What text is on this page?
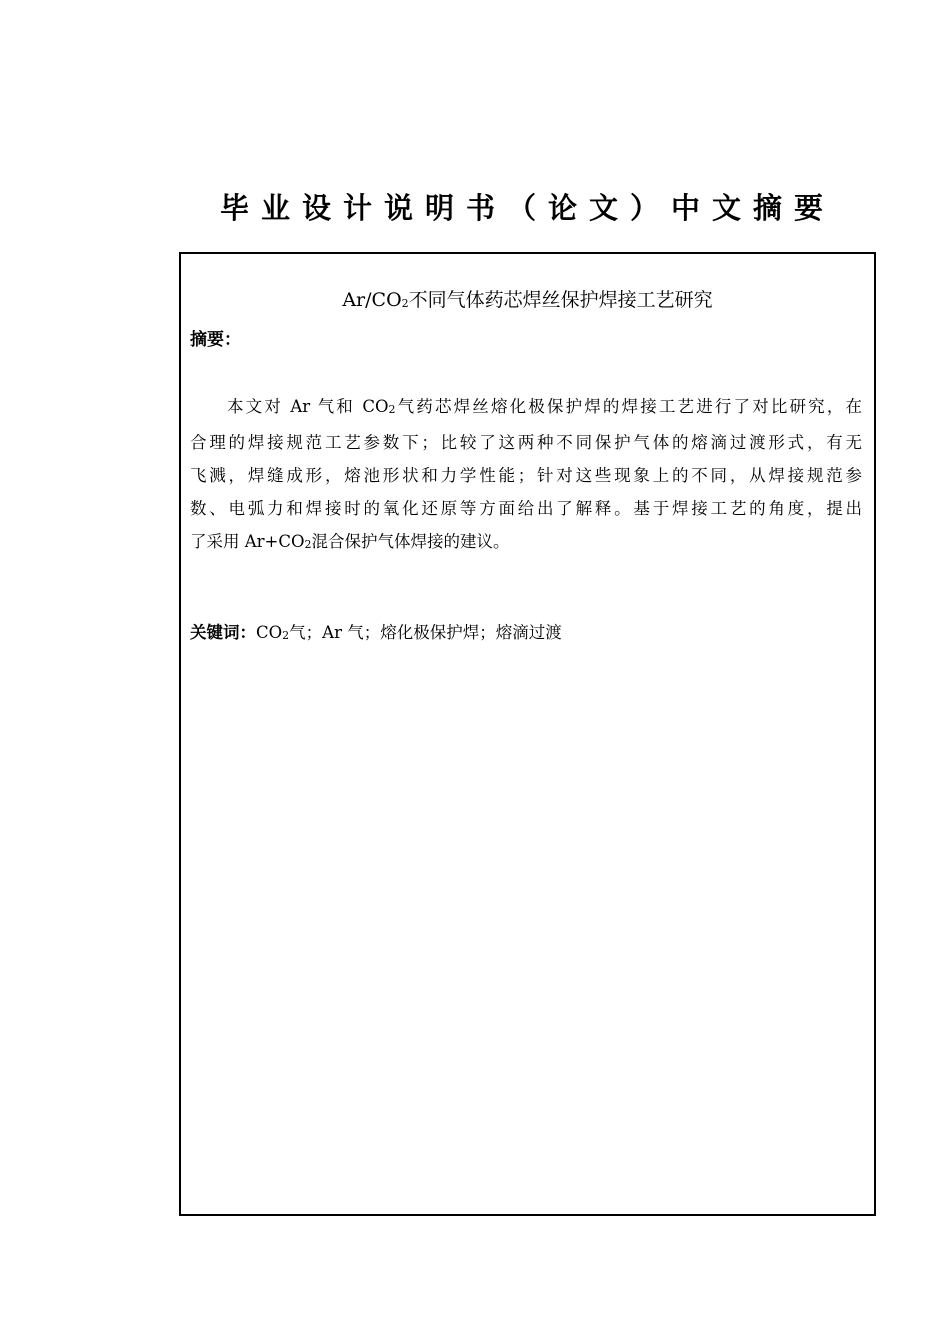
毕业设计说明书（论文）中文摘要
Ar/CO2不同气体药芯焊丝保护焊接工艺研究
摘要：
本文对 Ar 气和 CO2气药芯焊丝熔化极保护焊的焊接工艺进行了对比研究，在
合理的焊接规范工艺参数下；比较了这两种不同保护气体的熔滴过渡形式，有无
飞溅，焊缝成形，熔池形状和力学性能；针对这些现象上的不同，从焊接规范参
数、电弧力和焊接时的氧化还原等方面给出了解释。基于焊接工艺的角度，提出
了采用 Ar+CO2混合保护气体焊接的建议。
关键词：CO2气；Ar 气；熔化极保护焊；熔滴过渡
